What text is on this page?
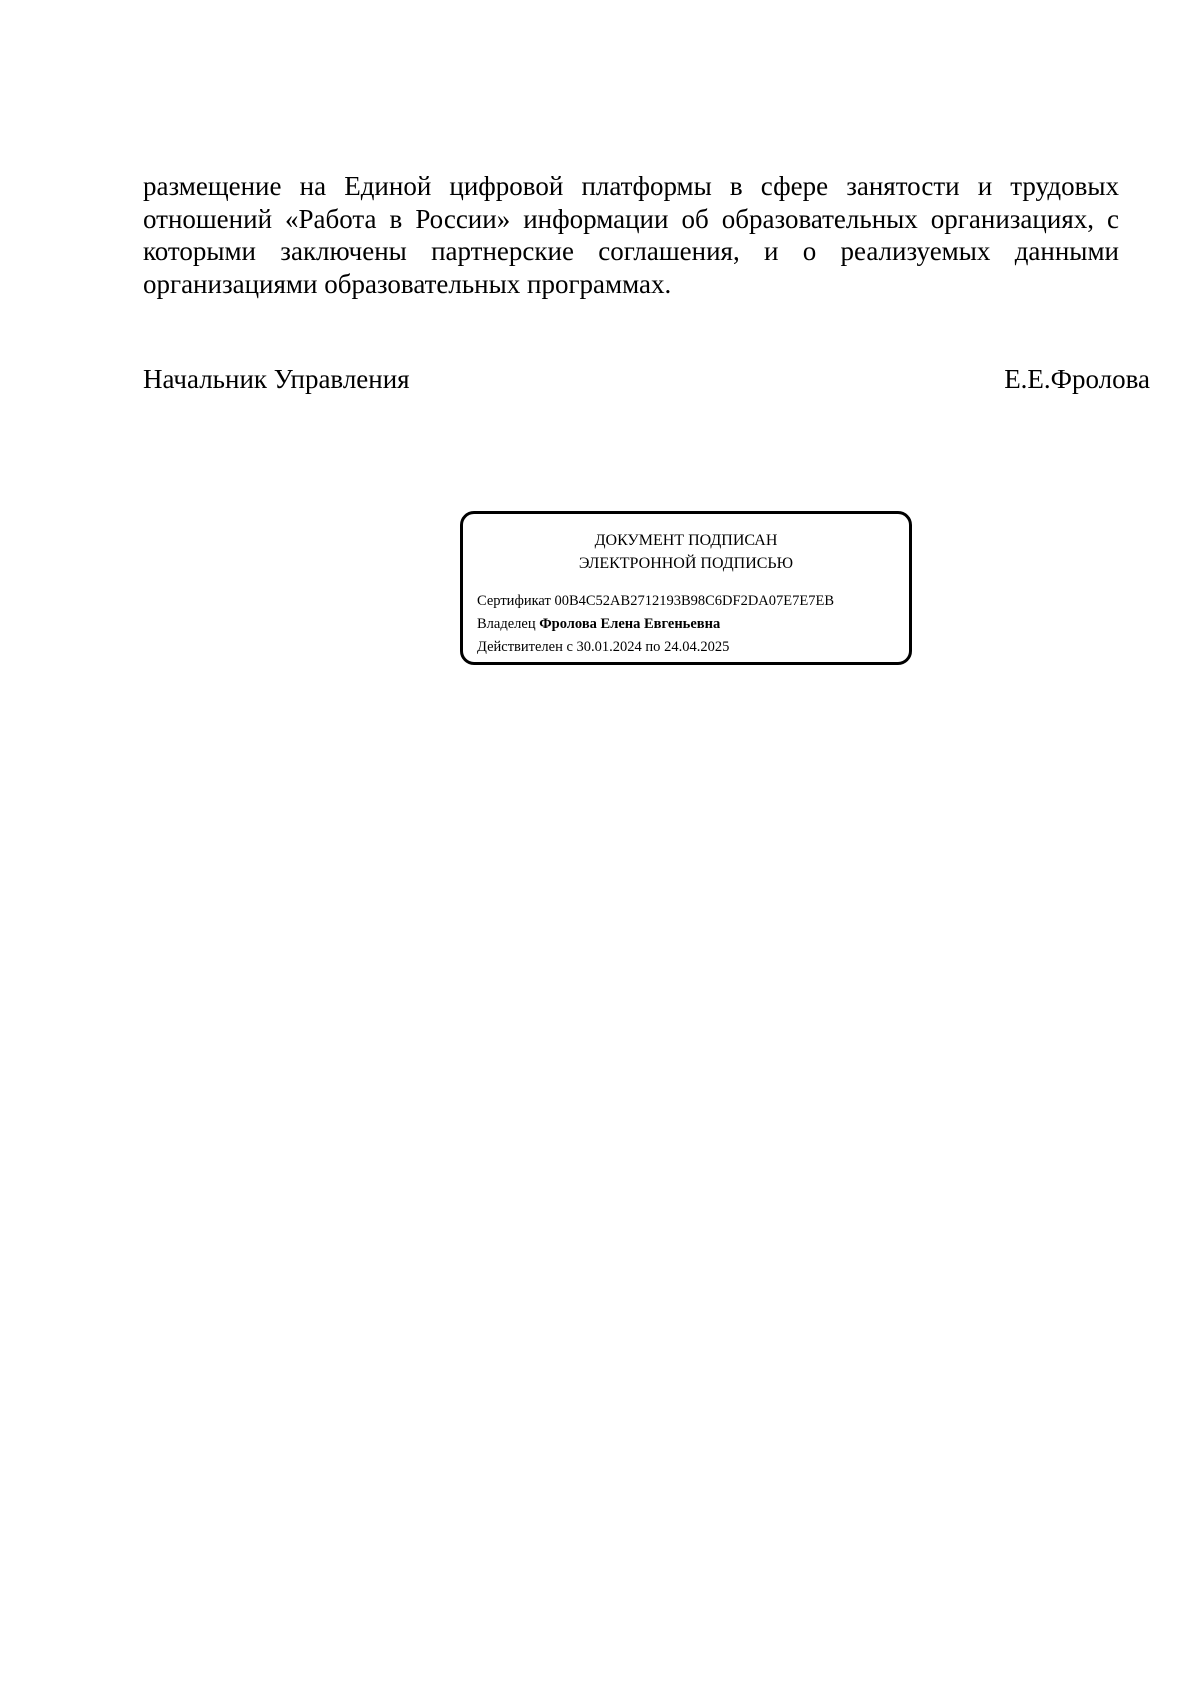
размещение на Единой цифровой платформы в сфере занятости и трудовых отношений «Работа в России» информации об образовательных организациях, с которыми заключены партнерские соглашения, и о реализуемых данными организациями образовательных программах.

Начальник Управления	Е.Е.Фролова
ДОКУМЕНТ ПОДПИСАН
ЭЛЕКТРОННОЙ ПОДПИСЬЮ
Сертификат 00B4C52AB2712193B98C6DF2DA07E7E7EB
Владелец Фролова Елена Евгеньевна
Действителен с 30.01.2024 по 24.04.2025
